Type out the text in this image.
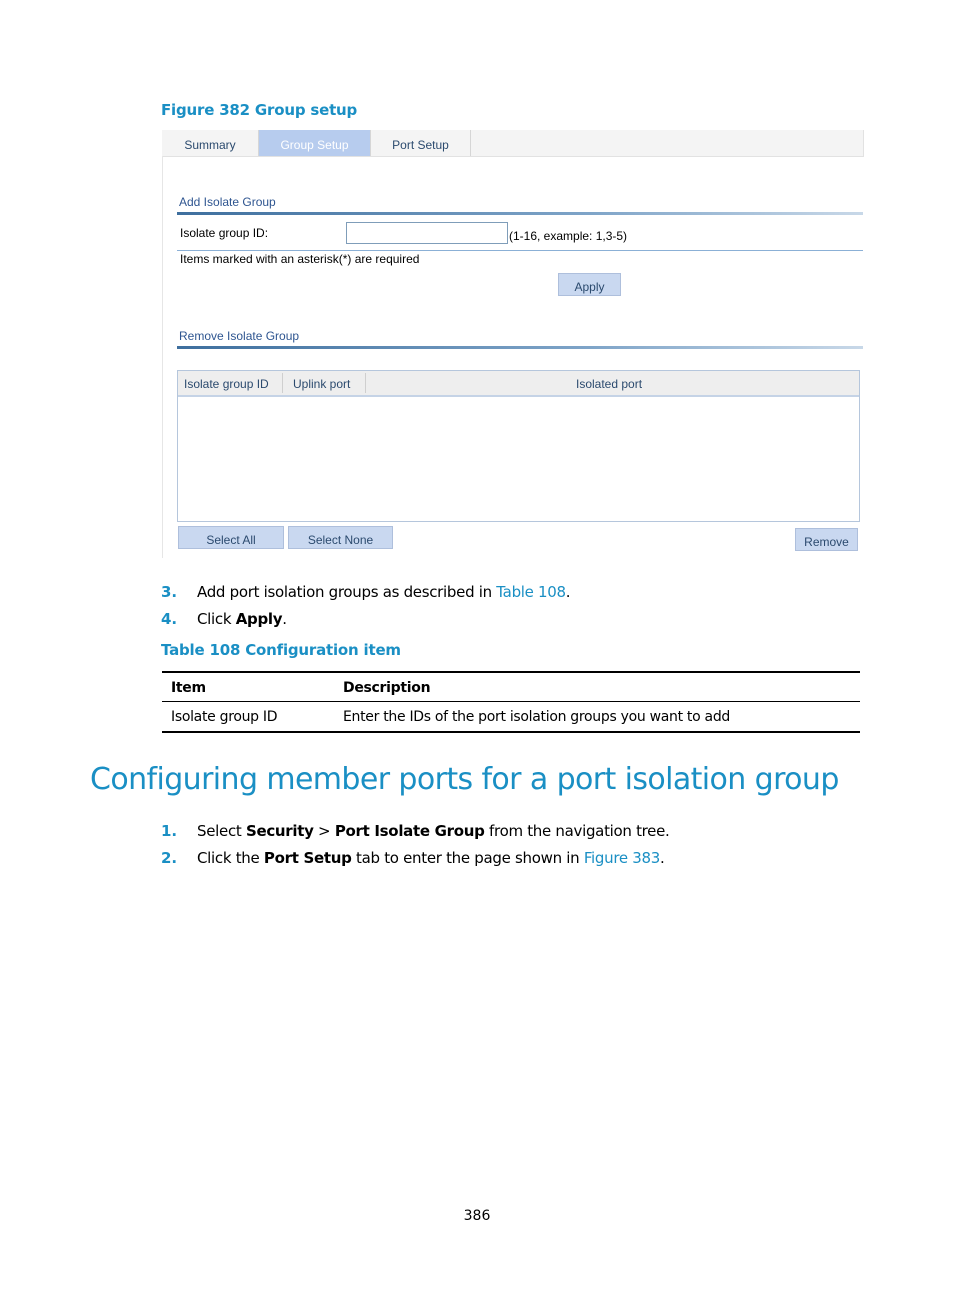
Figure 382 Group setup
Summary	Group Setup	Port Setup
Add Isolate Group
Isolate group ID:	(1-16, example: 1,3-5)
Items marked with an asterisk(*) are required
Apply
Remove Isolate Group
Isolate group ID Uplink port	Isolated port
Select All	Select None	Remove
3. Add port isolation groups as described in Table 108.
4. Click Apply.
Table 108 Configuration item
Item	Description
Isolate group ID	Enter the IDs of the port isolation groups you want to add
Configuring member ports for a port isolation group
1. Select Security > Port Isolate Group from the navigation tree.
2. Click the Port Setup tab to enter the page shown in Figure 383.
386
